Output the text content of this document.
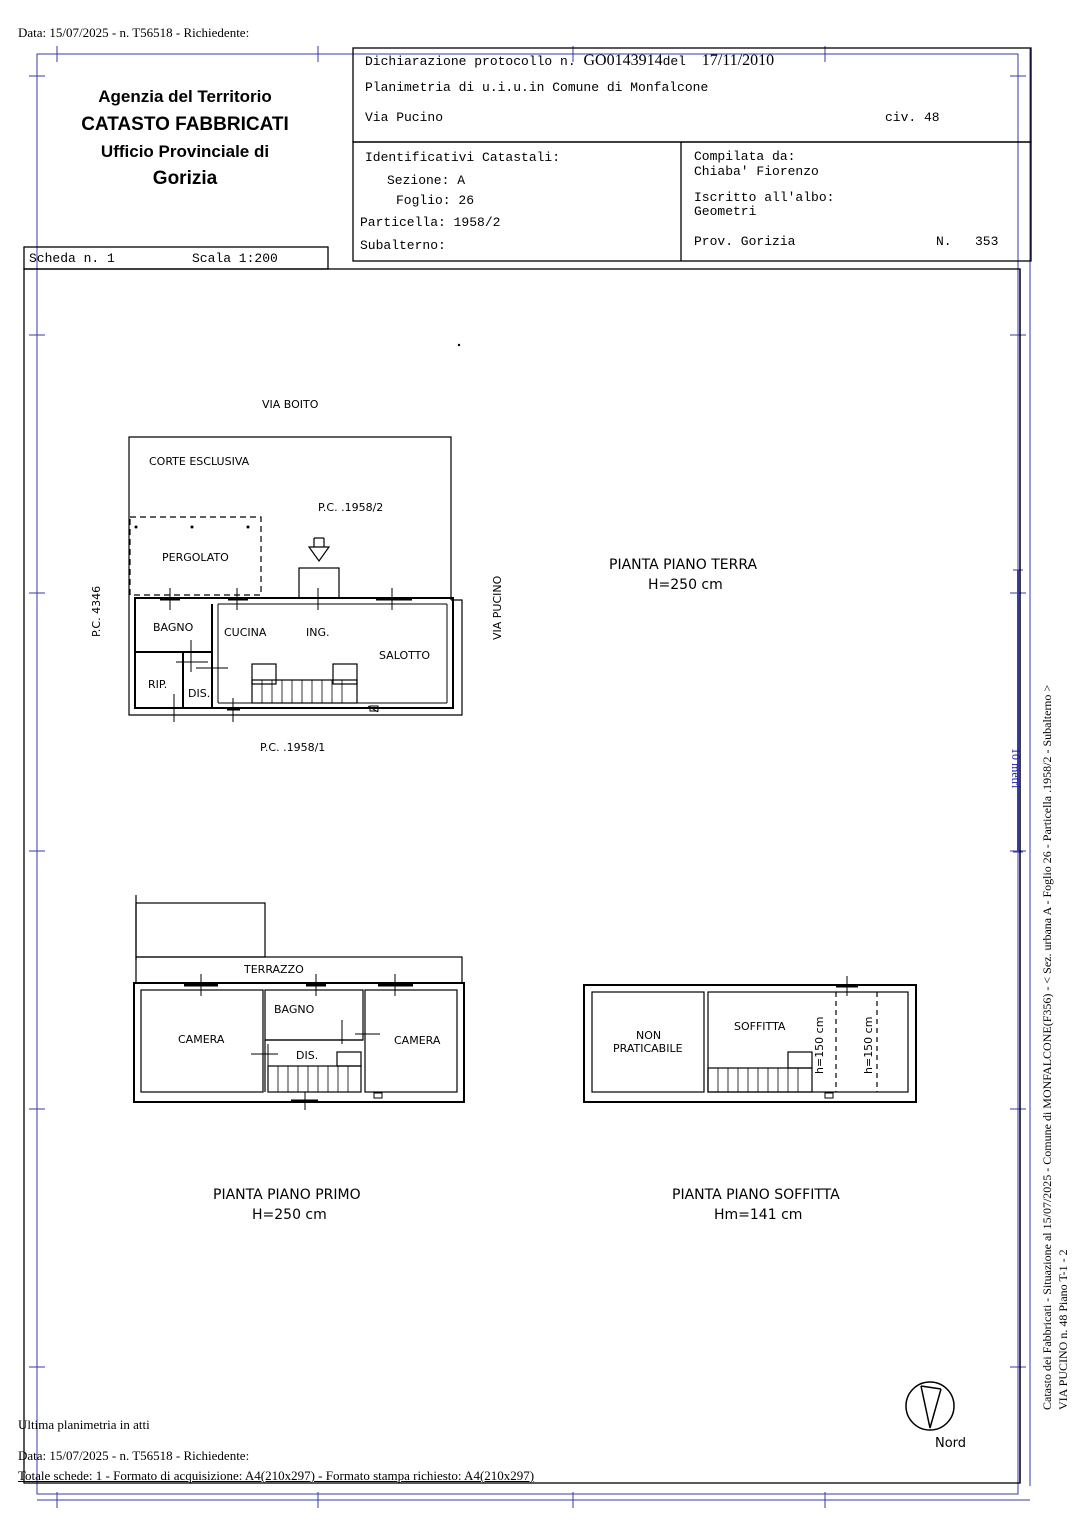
Data: 15/07/2025 - n. T56518 - Richiedente:
Agenzia del Territorio
CATASTO FABBRICATI
Ufficio Provinciale di
Gorizia
Dichiarazione protocollo n. GO0143914del 17/11/2010
Planimetria di u.i.u.in Comune di Monfalcone
Via Pucino	civ. 48
Identificativi Catastali:
Sezione: A
Foglio: 26
Particella: 1958/2
Subalterno:
Compilata da:
Chiaba' Fiorenzo
Iscritto all'albo:
Geometri
Prov. Gorizia	N. 353
Scheda n. 1	Scala 1:200
VIA BOITO
CORTE ESCLUSIVA
P.C. .1958/2
PERGOLATO
P.C. 4346	VIA PUCINO
BAGNO	CUCINA	ING.
SALOTTO
RIP.
DIS.
P.C. .1958/1
PIANTA PIANO TERRA
H=250 cm
TERRAZZO
BAGNO
CAMERA	CAMERA
DIS.
PIANTA PIANO PRIMO
H=250 cm
NON
PRATICABILE
SOFFITTA	h=150 cm	h=150 cm
PIANTA PIANO SOFFITTA
Hm=141 cm
10 metri Catasto dei Fabbricati - Situazione al 15/07/2025 - Comune di MONFALCONE(F356) - < Sez. urbana A - Foglio 26 - Particella .1958/2 - Subalterno > VIA PUCINO n. 48 Piano T-1 - 2
Nord
Ultima planimetria in atti
Data: 15/07/2025 - n. T56518 - Richiedente:
Totale schede: 1 - Formato di acquisizione: A4(210x297) - Formato stampa richiesto: A4(210x297)
